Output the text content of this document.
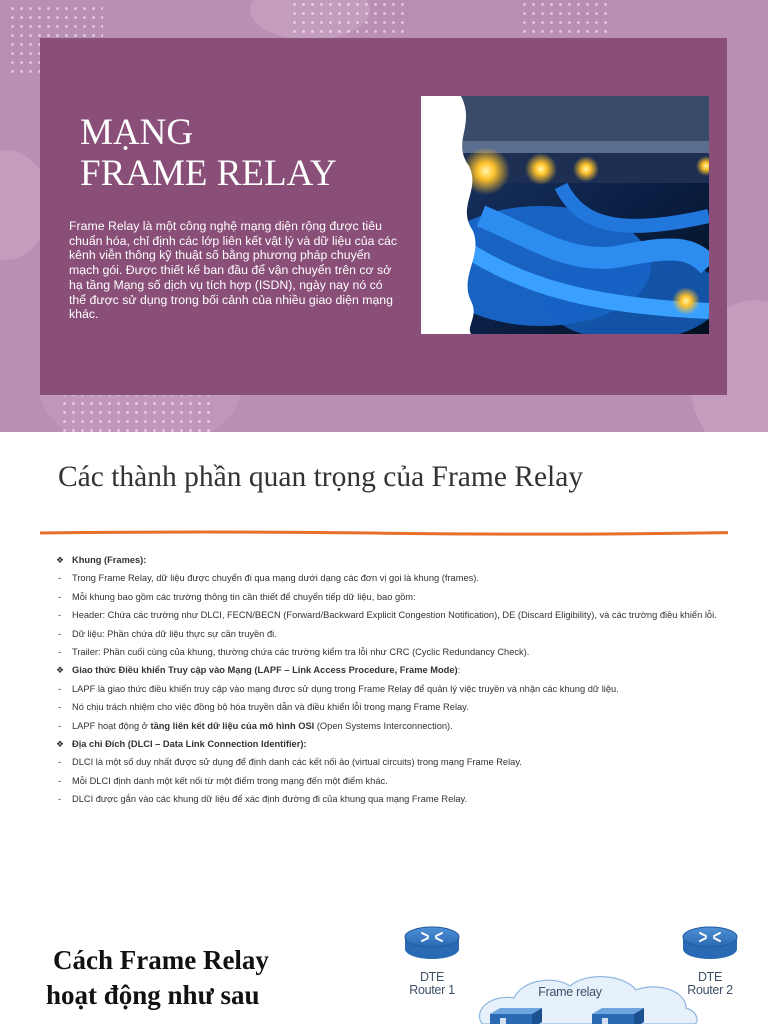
MẠNG
FRAME RELAY

Frame Relay là một công nghệ mạng diện rộng được tiêu chuẩn hóa, chỉ định các lớp liên kết vật lý và dữ liệu của các kênh viễn thông kỹ thuật số bằng phương pháp chuyển mạch gói. Được thiết kế ban đầu để vận chuyển trên cơ sở hạ tầng Mạng số dịch vụ tích hợp (ISDN), ngày nay nó có thể được sử dụng trong bối cảnh của nhiều giao diện mạng khác.

Các thành phần quan trọng của Frame Relay
❖ Khung (Frames):
-	Trong Frame Relay, dữ liệu được chuyển đi qua mạng dưới dạng các đơn vị gọi là khung (frames).
-	Mỗi khung bao gồm các trường thông tin cần thiết để chuyển tiếp dữ liệu, bao gồm:
-	Header: Chứa các trường như DLCI, FECN/BECN (Forward/Backward Explicit Congestion Notification), DE (Discard Eligibility), và các trường điều khiển lỗi.
-	Dữ liệu: Phần chứa dữ liệu thực sự cần truyền đi.
-	Trailer: Phần cuối cùng của khung, thường chứa các trường kiểm tra lỗi như CRC (Cyclic Redundancy Check).
❖ Giao thức Điều khiển Truy cập vào Mạng (LAPF – Link Access Procedure, Frame Mode):
-	LAPF là giao thức điều khiển truy cập vào mạng được sử dụng trong Frame Relay để quản lý việc truyền và nhận các khung dữ liệu.
-	Nó chịu trách nhiệm cho việc đồng bộ hóa truyền dẫn và điều khiển lỗi trong mạng Frame Relay.
-	LAPF hoạt động ở tầng liên kết dữ liệu của mô hình OSI (Open Systems Interconnection).
❖ Địa chỉ Đích (DLCI – Data Link Connection Identifier):
-	DLCI là một số duy nhất được sử dụng để định danh các kết nối ảo (virtual circuits) trong mạng Frame Relay.
-	Mỗi DLCI định danh một kết nối từ một điểm trong mạng đến một điểm khác.
-	DLCI được gắn vào các khung dữ liệu để xác định đường đi của khung qua mạng Frame Relay.
Cách Frame Relay
hoạt động như sau
DTE
Router 1
DTE
Router 2
Frame relay
